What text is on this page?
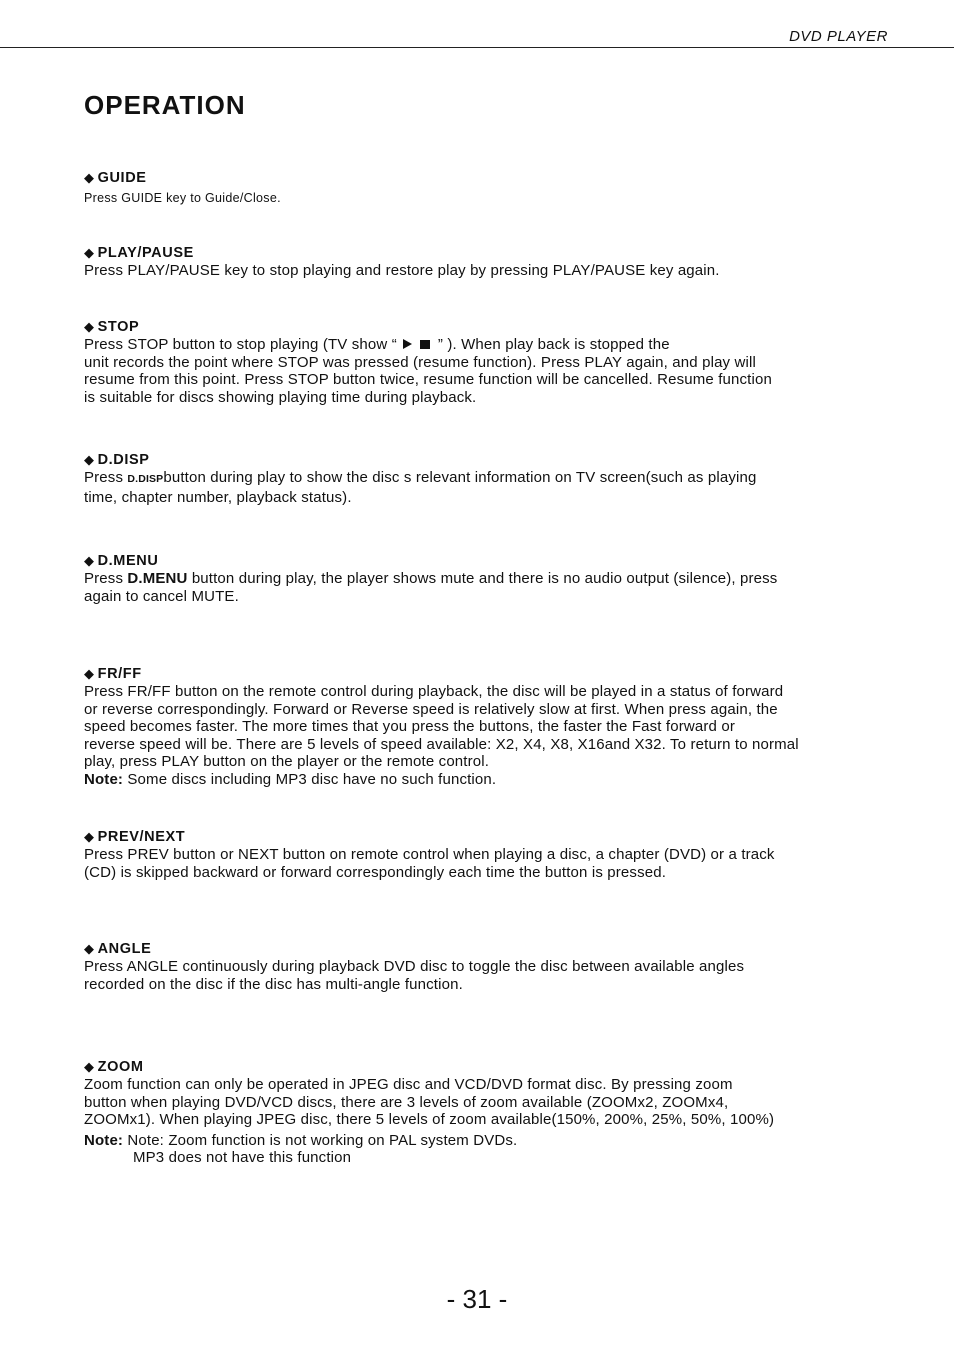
DVD PLAYER
OPERATION
◆ GUIDE
Press GUIDE key to Guide/Close.
◆ PLAY/PAUSE
Press PLAY/PAUSE key to stop playing and restore play by pressing PLAY/PAUSE key again.
◆ STOP
Press STOP button to stop playing (TV show “	” ). When play back is stopped the
unit records the point where STOP was pressed (resume function). Press PLAY again, and play will
resume from this point. Press STOP button twice, resume function will be cancelled. Resume function
is suitable for discs showing playing time during playback.
◆ D.DISP
Press D.DISPbutton during play to show the disc s relevant information on TV screen(such as playing
time, chapter number, playback status).
◆ D.MENU
Press D.MENU button during play, the player shows mute and there is no audio output (silence), press
again to cancel MUTE.
◆ FR/FF
Press FR/FF button on the remote control during playback, the disc will be played in a status of forward
or reverse correspondingly. Forward or Reverse speed is relatively slow at first. When press again, the
speed becomes faster. The more times that you press the buttons, the faster the Fast forward or
reverse speed will be. There are 5 levels of speed available: X2, X4, X8, X16and X32. To return to normal
play, press PLAY button on the player or the remote control.
Note: Some discs including MP3 disc have no such function.
◆ PREV/NEXT
Press PREV button or NEXT button on remote control when playing a disc, a chapter (DVD) or a track
(CD) is skipped backward or forward correspondingly each time the button is pressed.
◆ ANGLE
Press ANGLE continuously during playback DVD disc to toggle the disc between available angles
recorded on the disc if the disc has multi-angle function.
◆ ZOOM
Zoom function can only be operated in JPEG disc and VCD/DVD format disc. By pressing zoom
button when playing DVD/VCD discs, there are 3 levels of zoom available (ZOOMx2, ZOOMx4,
ZOOMx1). When playing JPEG disc, there 5 levels of zoom available(150%, 200%, 25%, 50%, 100%)
Note: Note: Zoom function is not working on PAL system DVDs.
MP3 does not have this function
- 31 -
